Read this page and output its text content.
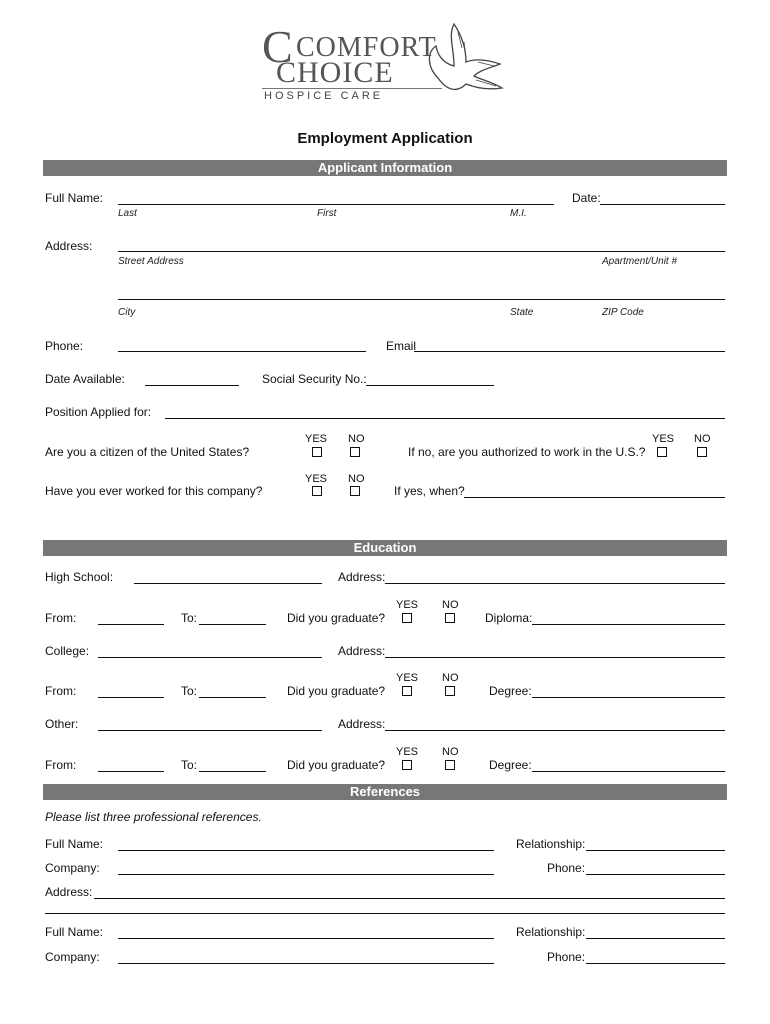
C COMFORT
CHOICE
HOSPICE CARE
Employment Application
Applicant Information
Full Name:	Date:
Last	First	M.I.
Address:
Street Address	Apartment/Unit #
City	State	ZIP Code
Phone:	Email
Date Available:	Social Security No.:
Position Applied for:
Are you a citizen of the United States?
YES NO
If no, are you authorized to work in the U.S.?
YES NO
Have you ever worked for this company?
YES NO
If yes, when?
Education
High School:	Address:
From:	To:	Did you graduate?
YES NO
Diploma:
College:	Address:
From:	To:	Did you graduate?
YES NO
Degree:
Other:	Address:
From:	To:	Did you graduate?
YES NO
Degree:
References
Please list three professional references.
Full Name:	Relationship:
Company:	Phone:
Address:
Full Name:	Relationship:
Company:	Phone:
